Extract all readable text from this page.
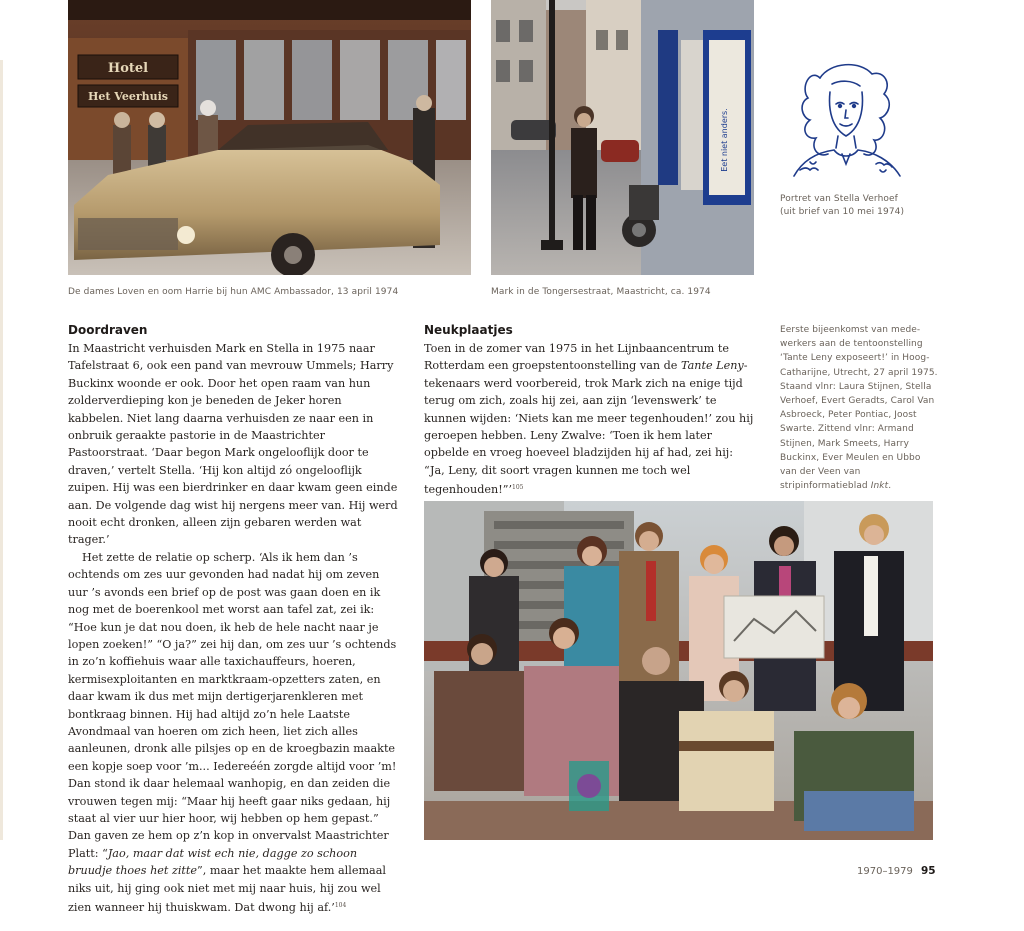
Hotel
Het Veerhuis
De dames Loven en oom Harrie bij hun AMC Ambassador, 13 april 1974
Eet niet anders.
Mark in de Tongersestraat, Maastricht, ca. 1974
Portret van Stella Verhoef
(uit brief van 10 mei 1974)
Doordraven

In Maastricht verhuisden Mark en Stella in 1975 naar Tafelstraat 6, ook een pand van mevrouw Ummels; Harry Buckinx woonde er ook. Door het open raam van hun zolderverdieping kon je beneden de Jeker horen kabbelen. Niet lang daarna verhuisden ze naar een in onbruik geraakte pastorie in de Maastrichter Pastoorstraat. ‘Daar begon Mark ongelooflijk door te draven,’ vertelt Stella. ‘Hij kon altijd zó ongelooflijk zuipen. Hij was een bierdrinker en daar kwam geen einde aan. De volgende dag wist hij nergens meer van. Hij werd nooit echt dronken, alleen zijn gebaren werden wat trager.’

Het zette de relatie op scherp. ‘Als ik hem dan ’s ochtends om zes uur gevonden had nadat hij om zeven uur ’s avonds een brief op de post was gaan doen en ik nog met de boerenkool met worst aan tafel zat, zei ik: “Hoe kun je dat nou doen, ik heb de hele nacht naar je lopen zoeken!” “O ja?” zei hij dan, om zes uur ’s ochtends in zo’n koffiehuis waar alle taxichauffeurs, hoeren, kermisexploitanten en marktkraam-opzetters zaten, en daar kwam ik dus met mijn dertigerjarenkleren met bontkraag binnen. Hij had altijd zo’n hele Laatste Avondmaal van hoeren om zich heen, liet zich alles aanleunen, dronk alle pilsjes op en de kroegbazin maakte een kopje soep voor ’m... Iedereéén zorgde altijd voor ’m! Dan stond ik daar helemaal wanhopig, en dan zeiden die vrouwen tegen mij: “Maar hij heeft gaar niks gedaan, hij staat al vier uur hier hoor, wij hebben op hem gepast.” Dan gaven ze hem op z’n kop in onvervalst Maastrichter Platt: “Jao, maar dat wist ech nie, dagge zo schoon bruudje thoes het zitte”, maar het maakte hem allemaal niks uit, hij ging ook niet met mij naar huis, hij zou wel zien wanneer hij thuiskwam. Dat dwong hij af.’$^{104}$

Neukplaatjes

Toen in de zomer van 1975 in het Lijnbaancentrum te Rotterdam een groepstentoonstelling van de Tante Leny-tekenaars werd voorbereid, trok Mark zich na enige tijd terug om zich, zoals hij zei, aan zijn ‘levenswerk’ te kunnen wijden: ‘Niets kan me meer tegenhouden!’ zou hij geroepen hebben. Leny Zwalve: ‘Toen ik hem later opbelde en vroeg hoeveel bladzijden hij af had, zei hij: “Ja, Leny, dit soort vragen kunnen me toch wel tegenhouden!”’$^{105}$

Eerste bijeenkomst van mede-werkers aan de tentoonstelling ‘Tante Leny exposeert!’ in Hoog-Catharijne, Utrecht, 27 april 1975. Staand vlnr: Laura Stijnen, Stella Verhoef, Evert Geradts, Carol Van Asbroeck, Peter Pontiac, Joost Swarte. Zittend vlnr: Armand Stijnen, Mark Smeets, Harry Buckinx, Ever Meulen en Ubbo van der Veen van stripinformatieblad Inkt.
1970–1979 95
